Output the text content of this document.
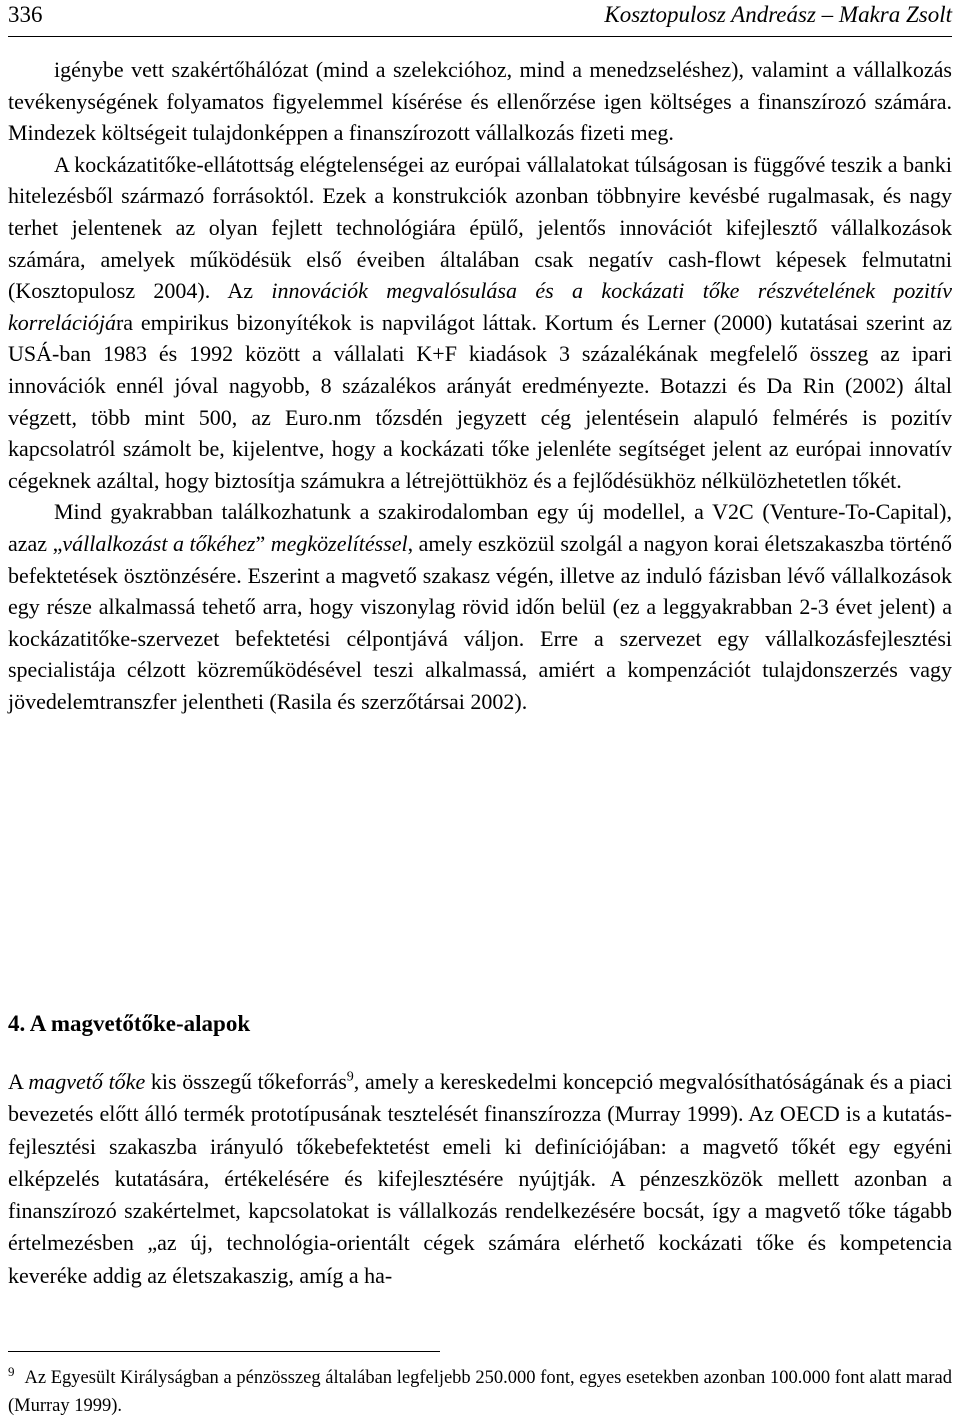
336	Kosztopulosz Andreász – Makra Zsolt

igénybe vett szakértőhálózat (mind a szelekcióhoz, mind a menedzseléshez), valamint a vállalkozás tevékenységének folyamatos figyelemmel kísérése és ellenőrzése igen költséges a finanszírozó számára. Mindezek költségeit tulajdonképpen a finanszírozott vállalkozás fizeti meg.

A kockázatitőke-ellátottság elégtelenségei az európai vállalatokat túlságosan is függővé teszik a banki hitelezésből származó forrásoktól. Ezek a konstrukciók azonban többnyire kevésbé rugalmasak, és nagy terhet jelentenek az olyan fejlett technológiára épülő, jelentős innovációt kifejlesztő vállalkozások számára, amelyek működésük első éveiben általában csak negatív cash-flowt képesek felmutatni (Kosztopulosz 2004). Az innovációk megvalósulása és a kockázati tőke részvételének pozitív korrelációjára empirikus bizonyítékok is napvilágot láttak. Kortum és Lerner (2000) kutatásai szerint az USÁ-ban 1983 és 1992 között a vállalati K+F kiadások 3 százalékának megfelelő összeg az ipari innovációk ennél jóval nagyobb, 8 százalékos arányát eredményezte. Botazzi és Da Rin (2002) által végzett, több mint 500, az Euro.nm tőzsdén jegyzett cég jelentésein alapuló felmérés is pozitív kapcsolatról számolt be, kijelentve, hogy a kockázati tőke jelenléte segítséget jelent az európai innovatív cégeknek azáltal, hogy biztosítja számukra a létrejöttükhöz és a fejlődésükhöz nélkülözhetetlen tőkét.

Mind gyakrabban találkozhatunk a szakirodalomban egy új modellel, a V2C (Venture-To-Capital), azaz „vállalkozást a tőkéhez” megközelítéssel, amely eszközül szolgál a nagyon korai életszakaszba történő befektetések ösztönzésére. Eszerint a magvető szakasz végén, illetve az induló fázisban lévő vállalkozások egy része alkalmassá tehető arra, hogy viszonylag rövid időn belül (ez a leggyakrabban 2-3 évet jelent) a kockázatitőke-szervezet befektetési célpontjává váljon. Erre a szervezet egy vállalkozásfejlesztési specialistája célzott közreműködésével teszi alkalmassá, amiért a kompenzációt tulajdonszerzés vagy jövedelemtranszfer jelentheti (Rasila és szerzőtársai 2002).

4. A magvetőtőke-alapok

A magvető tőke kis összegű tőkeforrás$^9$, amely a kereskedelmi koncepció megvalósíthatóságának és a piaci bevezetés előtt álló termék prototípusának tesztelését finanszírozza (Murray 1999). Az OECD is a kutatás-fejlesztési szakaszba irányuló tőkebefektetést emeli ki definíciójában: a magvető tőkét egy egyéni elképzelés kutatására, értékelésére és kifejlesztésére nyújtják. A pénzeszközök mellett azonban a finanszírozó szakértelmet, kapcsolatokat is vállalkozás rendelkezésére bocsát, így a magvető tőke tágabb értelmezésben „az új, technológia-orientált cégek számára elérhető kockázati tőke és kompetencia keveréke addig az életszakaszig, amíg a ha-

$^9$ Az Egyesült Királyságban a pénzösszeg általában legfeljebb 250.000 font, egyes esetekben azonban 100.000 font alatt marad (Murray 1999).
